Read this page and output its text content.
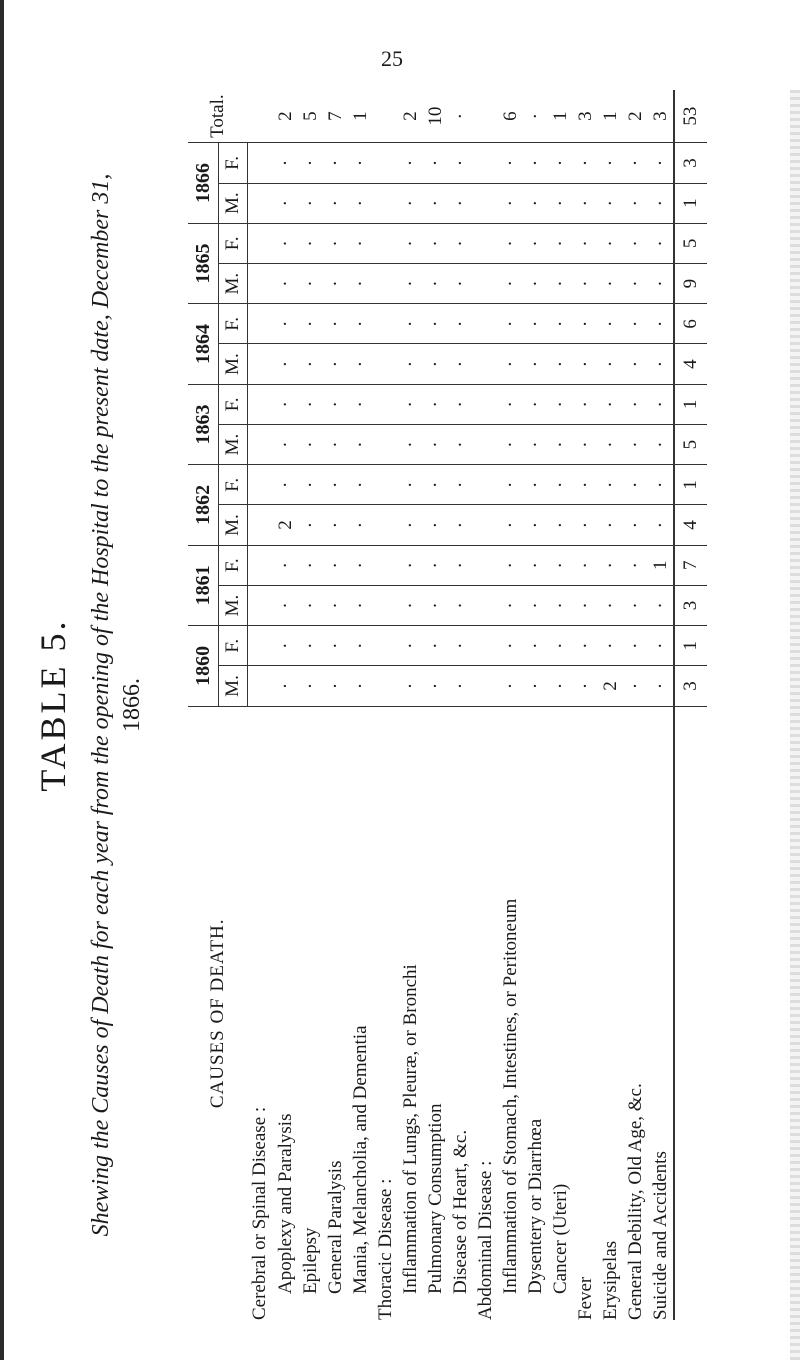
25
TABLE 5. Shewing the Causes of Death for each year from the opening of the Hospital to the present date, December 31, 1866.
CAUSES OF DEATH.	1860		1861		1862		1863		1864		1865		1866		Total.
	M.	F.	M.	F.	M.	F.	M.	F.	M.	F.	M.	F.	M.	F.	
Cerebral or Spinal Disease :															
Apoplexy and Paralysis	·	·	·	·	2	·	·	·	·	·	·	·	·	·	2
Epilepsy	·	·	·	·	·	·	·	·	·	·	·	·	·	·	5
General Paralysis	·	·	·	·	·	·	·	·	·	·	·	·	·	·	7
Mania, Melancholia, and Dementia	·	·	·	·	·	·	·	·	·	·	·	·	·	·	1
Thoracic Disease :															
Inflammation of Lungs, Pleuræ, or Bronchi	·	·	·	·	·	·	·	·	·	·	·	·	·	·	2
Pulmonary Consumption	·	·	·	·	·	·	·	·	·	·	·	·	·	·	10
Disease of Heart, &c.	·	·	·	·	·	·	·	·	·	·	·	·	·	·	·
Abdominal Disease :															
Inflammation of Stomach, Intestines, or Peritoneum	·	·	·	·	·	·	·	·	·	·	·	·	·	·	6
Dysentery or Diarrhœa	·	·	·	·	·	·	·	·	·	·	·	·	·	·	·
Cancer (Uteri)	·	·	·	·	·	·	·	·	·	·	·	·	·	·	1
Fever	·	·	·	·	·	·	·	·	·	·	·	·	·	·	3
Erysipelas	2	·	·	·	·	·	·	·	·	·	·	·	·	·	1
General Debility, Old Age, &c.	·	·	·	·	·	·	·	·	·	·	·	·	·	·	2
Suicide and Accidents	·	·	·	1	·	·	·	·	·	·	·	·	·	·	3
	3	1	3	7	4	1	5	1	4	6	9	5	1	3	53
